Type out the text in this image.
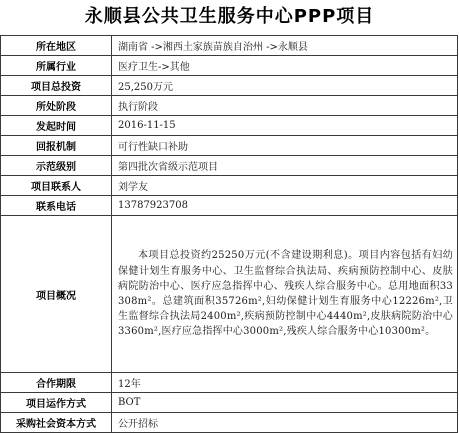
永顺县公共卫生服务中心PPP项目
所在地区	湖南省 ->湘西土家族苗族自治州 ->永顺县
所属行业	医疗卫生->其他
项目总投资	25,250万元
所处阶段	执行阶段
发起时间	2016-11-15
回报机制	可行性缺口补助
示范级别	第四批次省级示范项目
项目联系人	刘学友
联系电话	13787923708
项目概况	本项目总投资约25250万元(不含建设期利息)。项目内容包括有妇幼保健计划生育服务中心、卫生监督综合执法局、疾病预防控制中心、皮肤病院防治中心、医疗应急指挥中心、残疾人综合服务中心。总用地面积33308m²。总建筑面积35726m²,妇幼保健计划生育服务中心12226m²,卫生监督综合执法局2400m²,疾病预防控制中心4440m²,皮肤病院防治中心3360m²,医疗应急指挥中心3000m²,残疾人综合服务中心10300m²。
合作期限	12年
项目运作方式	BOT
采购社会资本方式	公开招标
